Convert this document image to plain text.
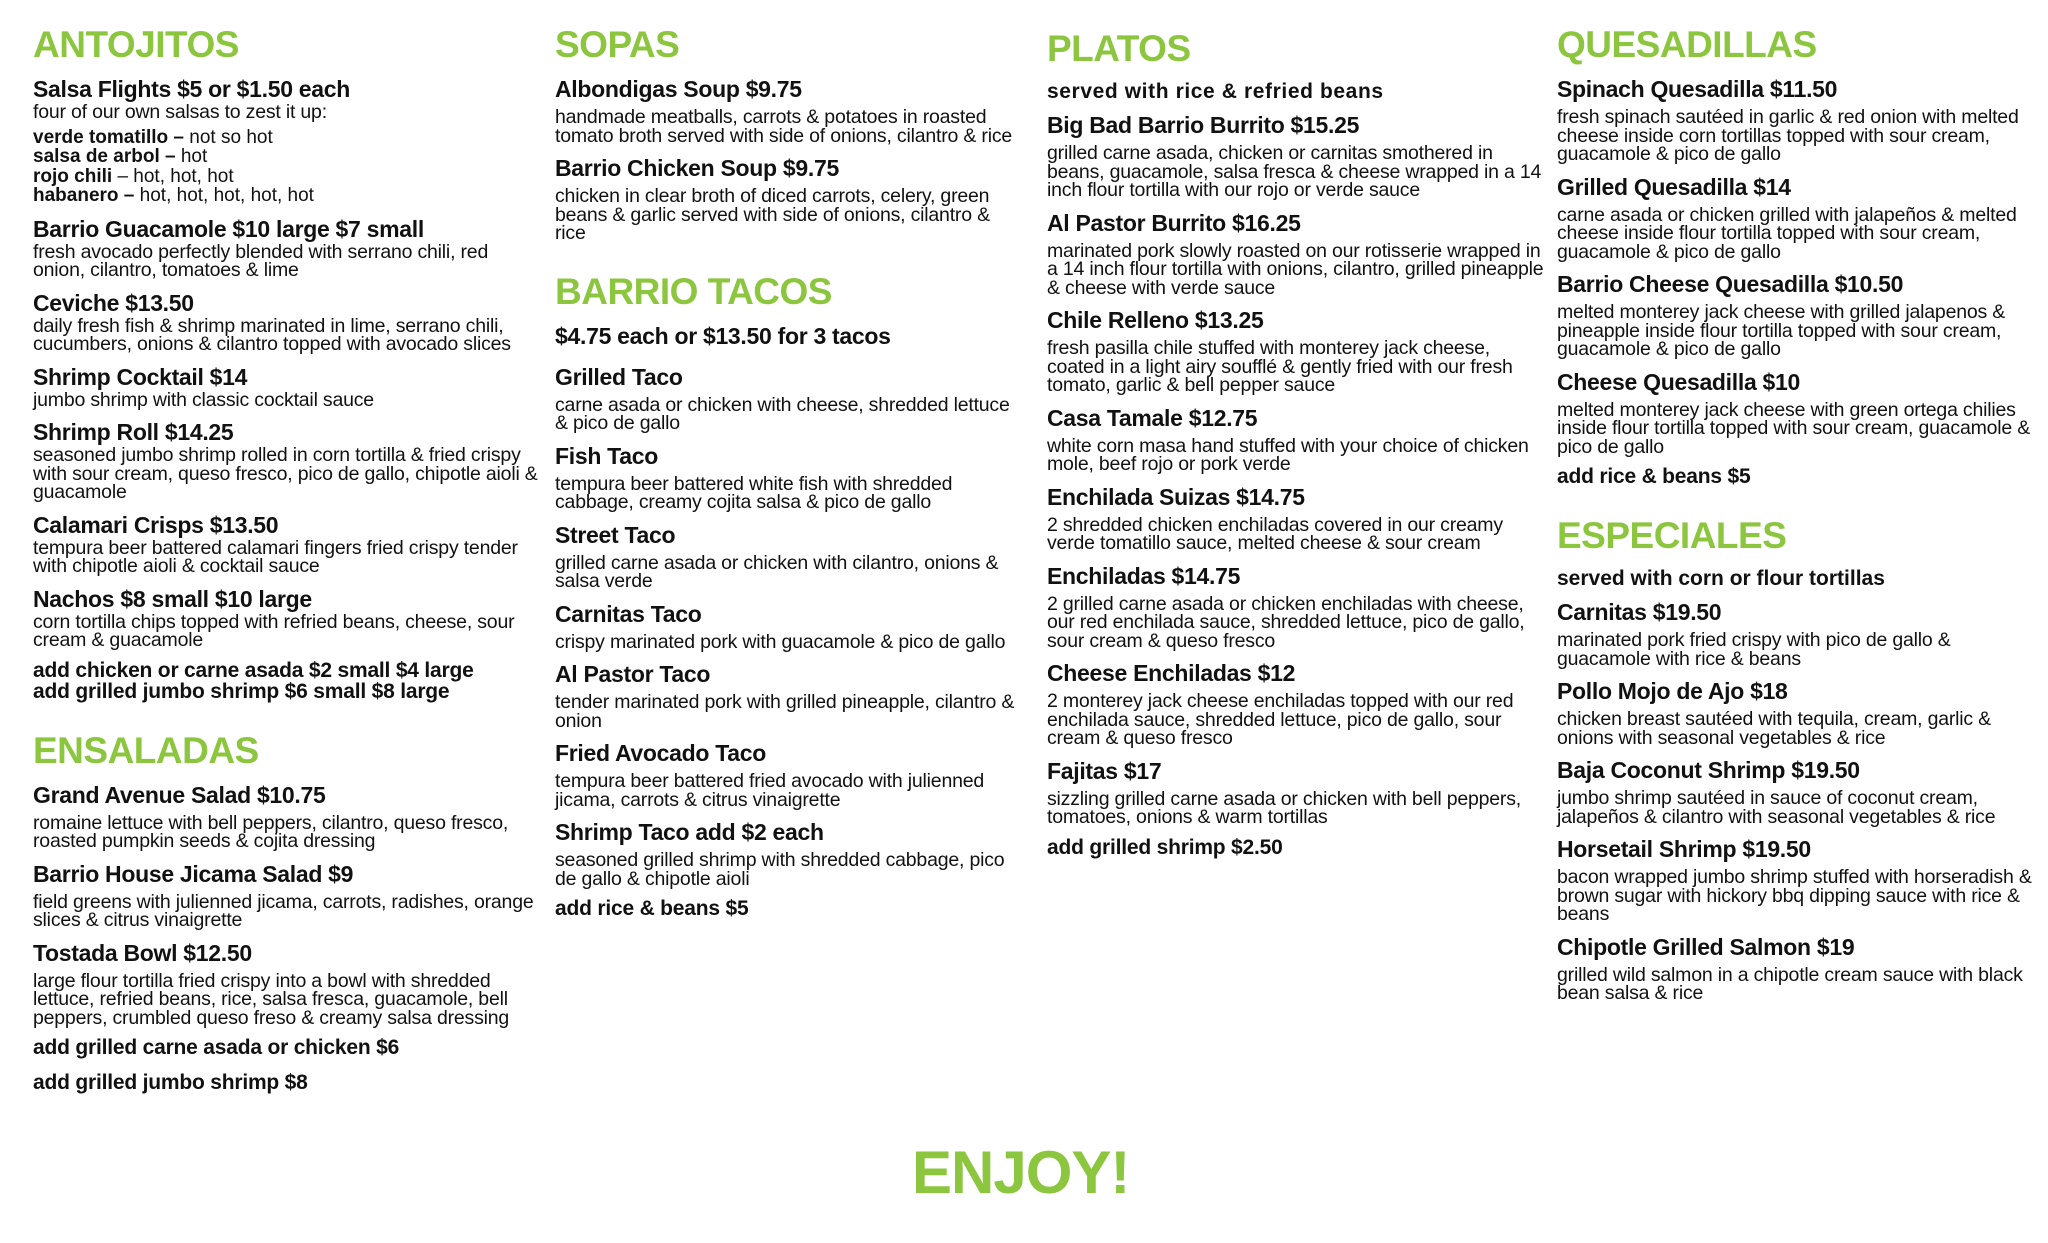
ANTOJITOS
Salsa Flights $5 or $1.50 each
four of our own salsas to zest it up:
verde tomatillo – not so hot
salsa de arbol – hot
rojo chili – hot, hot, hot
habanero – hot, hot, hot, hot, hot
Barrio Guacamole $10 large $7 small
fresh avocado perfectly blended with serrano chili, red onion, cilantro, tomatoes & lime
Ceviche $13.50
daily fresh fish & shrimp marinated in lime, serrano chili, cucumbers, onions & cilantro topped with avocado slices
Shrimp Cocktail $14
jumbo shrimp with classic cocktail sauce
Shrimp Roll $14.25
seasoned jumbo shrimp rolled in corn tortilla & fried crispy with sour cream, queso fresco, pico de gallo, chipotle aioli & guacamole
Calamari Crisps $13.50
tempura beer battered calamari fingers fried crispy tender with chipotle aioli & cocktail sauce
Nachos $8 small $10 large
corn tortilla chips topped with refried beans, cheese, sour cream & guacamole
add chicken or carne asada $2 small $4 large
add grilled jumbo shrimp $6 small $8 large
ENSALADAS
Grand Avenue Salad $10.75
romaine lettuce with bell peppers, cilantro, queso fresco, roasted pumpkin seeds & cojita dressing
Barrio House Jicama Salad $9
field greens with julienned jicama, carrots, radishes, orange slices & citrus vinaigrette
Tostada Bowl $12.50
large flour tortilla fried crispy into a bowl with shredded lettuce, refried beans, rice, salsa fresca, guacamole, bell peppers, crumbled queso freso & creamy salsa dressing
add grilled carne asada or chicken $6
add grilled jumbo shrimp $8
SOPAS
Albondigas Soup $9.75
handmade meatballs, carrots & potatoes in roasted tomato broth served with side of onions, cilantro & rice
Barrio Chicken Soup $9.75
chicken in clear broth of diced carrots, celery, green beans & garlic served with side of onions, cilantro & rice
BARRIO TACOS
$4.75 each or $13.50 for 3 tacos
Grilled Taco
carne asada or chicken with cheese, shredded lettuce & pico de gallo
Fish Taco
tempura beer battered white fish with shredded cabbage, creamy cojita salsa & pico de gallo
Street Taco
grilled carne asada or chicken with cilantro, onions & salsa verde
Carnitas Taco
crispy marinated pork with guacamole & pico de gallo
Al Pastor Taco
tender marinated pork with grilled pineapple, cilantro & onion
Fried Avocado Taco
tempura beer battered fried avocado with julienned jicama, carrots & citrus vinaigrette
Shrimp Taco add $2 each
seasoned grilled shrimp with shredded cabbage, pico de gallo & chipotle aioli
add rice & beans $5
PLATOS
served with rice & refried beans
Big Bad Barrio Burrito $15.25
grilled carne asada, chicken or carnitas smothered in beans, guacamole, salsa fresca & cheese wrapped in a 14 inch flour tortilla with our rojo or verde sauce
Al Pastor Burrito $16.25
marinated pork slowly roasted on our rotisserie wrapped in a 14 inch flour tortilla with onions, cilantro, grilled pineapple & cheese with verde sauce
Chile Relleno $13.25
fresh pasilla chile stuffed with monterey jack cheese, coated in a light airy soufflé & gently fried with our fresh tomato, garlic & bell pepper sauce
Casa Tamale $12.75
white corn masa hand stuffed with your choice of chicken mole, beef rojo or pork verde
Enchilada Suizas $14.75
2 shredded chicken enchiladas covered in our creamy verde tomatillo sauce, melted cheese & sour cream
Enchiladas $14.75
2 grilled carne asada or chicken enchiladas with cheese, our red enchilada sauce, shredded lettuce, pico de gallo, sour cream & queso fresco
Cheese Enchiladas $12
2 monterey jack cheese enchiladas topped with our red enchilada sauce, shredded lettuce, pico de gallo, sour cream & queso fresco
Fajitas $17
sizzling grilled carne asada or chicken with bell peppers, tomatoes, onions & warm tortillas
add grilled shrimp $2.50
QUESADILLAS
Spinach Quesadilla $11.50
fresh spinach sautéed in garlic & red onion with melted cheese inside corn tortillas topped with sour cream, guacamole & pico de gallo
Grilled Quesadilla $14
carne asada or chicken grilled with jalapeños & melted cheese inside flour tortilla topped with sour cream, guacamole & pico de gallo
Barrio Cheese Quesadilla $10.50
melted monterey jack cheese with grilled jalapenos & pineapple inside flour tortilla topped with sour cream, guacamole & pico de gallo
Cheese Quesadilla $10
melted monterey jack cheese with green ortega chilies inside flour tortilla topped with sour cream, guacamole & pico de gallo
add rice & beans $5
ESPECIALES
served with corn or flour tortillas
Carnitas $19.50
marinated pork fried crispy with pico de gallo & guacamole with rice & beans
Pollo Mojo de Ajo $18
chicken breast sautéed with tequila, cream, garlic & onions with seasonal vegetables & rice
Baja Coconut Shrimp $19.50
jumbo shrimp sautéed in sauce of coconut cream, jalapeños & cilantro with seasonal vegetables & rice
Horsetail Shrimp $19.50
bacon wrapped jumbo shrimp stuffed with horseradish & brown sugar with hickory bbq dipping sauce with rice & beans
Chipotle Grilled Salmon $19
grilled wild salmon in a chipotle cream sauce with black bean salsa & rice
ENJOY!
